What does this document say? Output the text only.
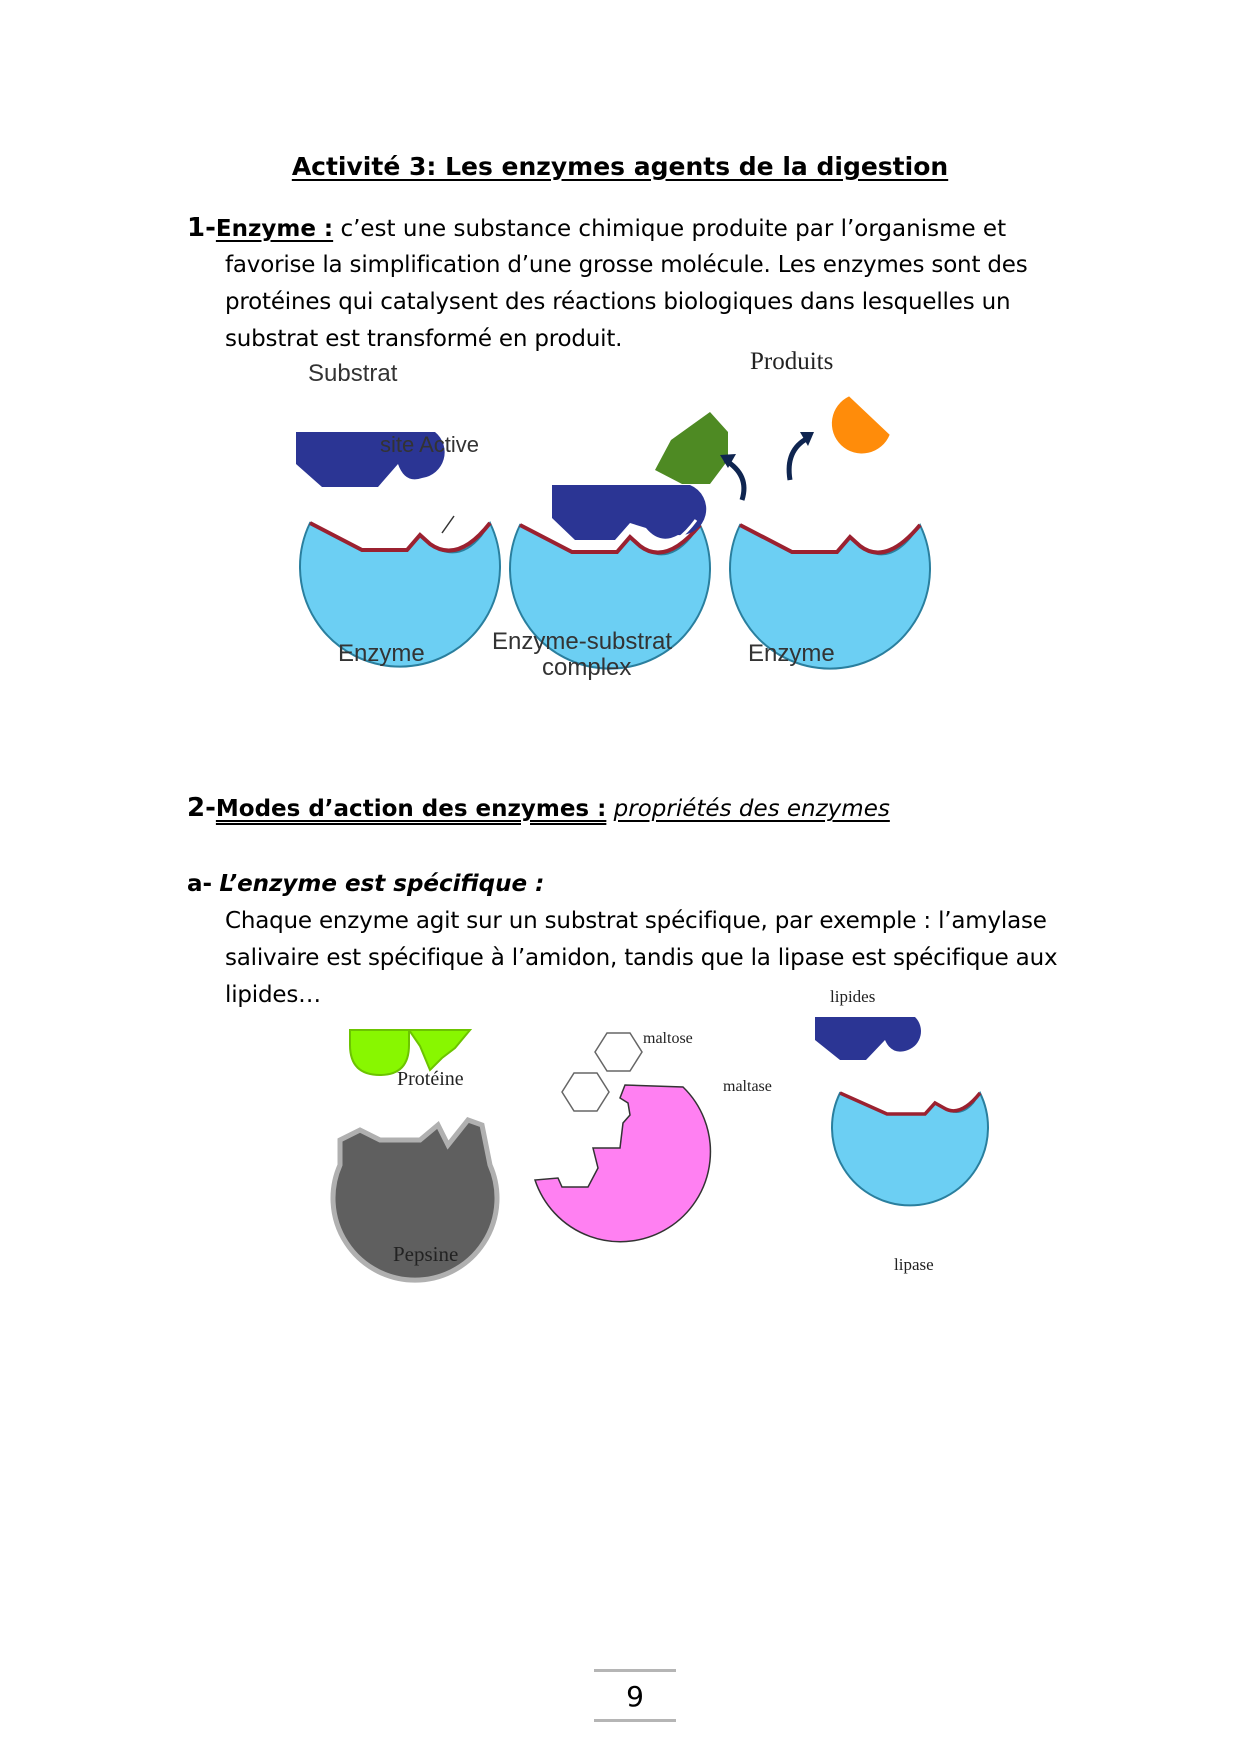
Activité 3: Les enzymes agents de la digestion
1-Enzyme : c’est une substance chimique produite par l’organisme et
favorise la simplification d’une grosse molécule. Les enzymes sont des
protéines qui catalysent des réactions biologiques dans lesquelles un
substrat est transformé en produit.
Substrat
site Active
Produits
Enzyme	Enzyme-substrat
complex
Enzyme
2-Modes d’action des enzymes : propriétés des enzymes
a- L’enzyme est spécifique :
Chaque enzyme agit sur un substrat spécifique, par exemple : l’amylase
salivaire est spécifique à l’amidon, tandis que la lipase est spécifique aux
lipides…
Protéine
Pepsine
maltose
maltase
lipides
lipase
9
